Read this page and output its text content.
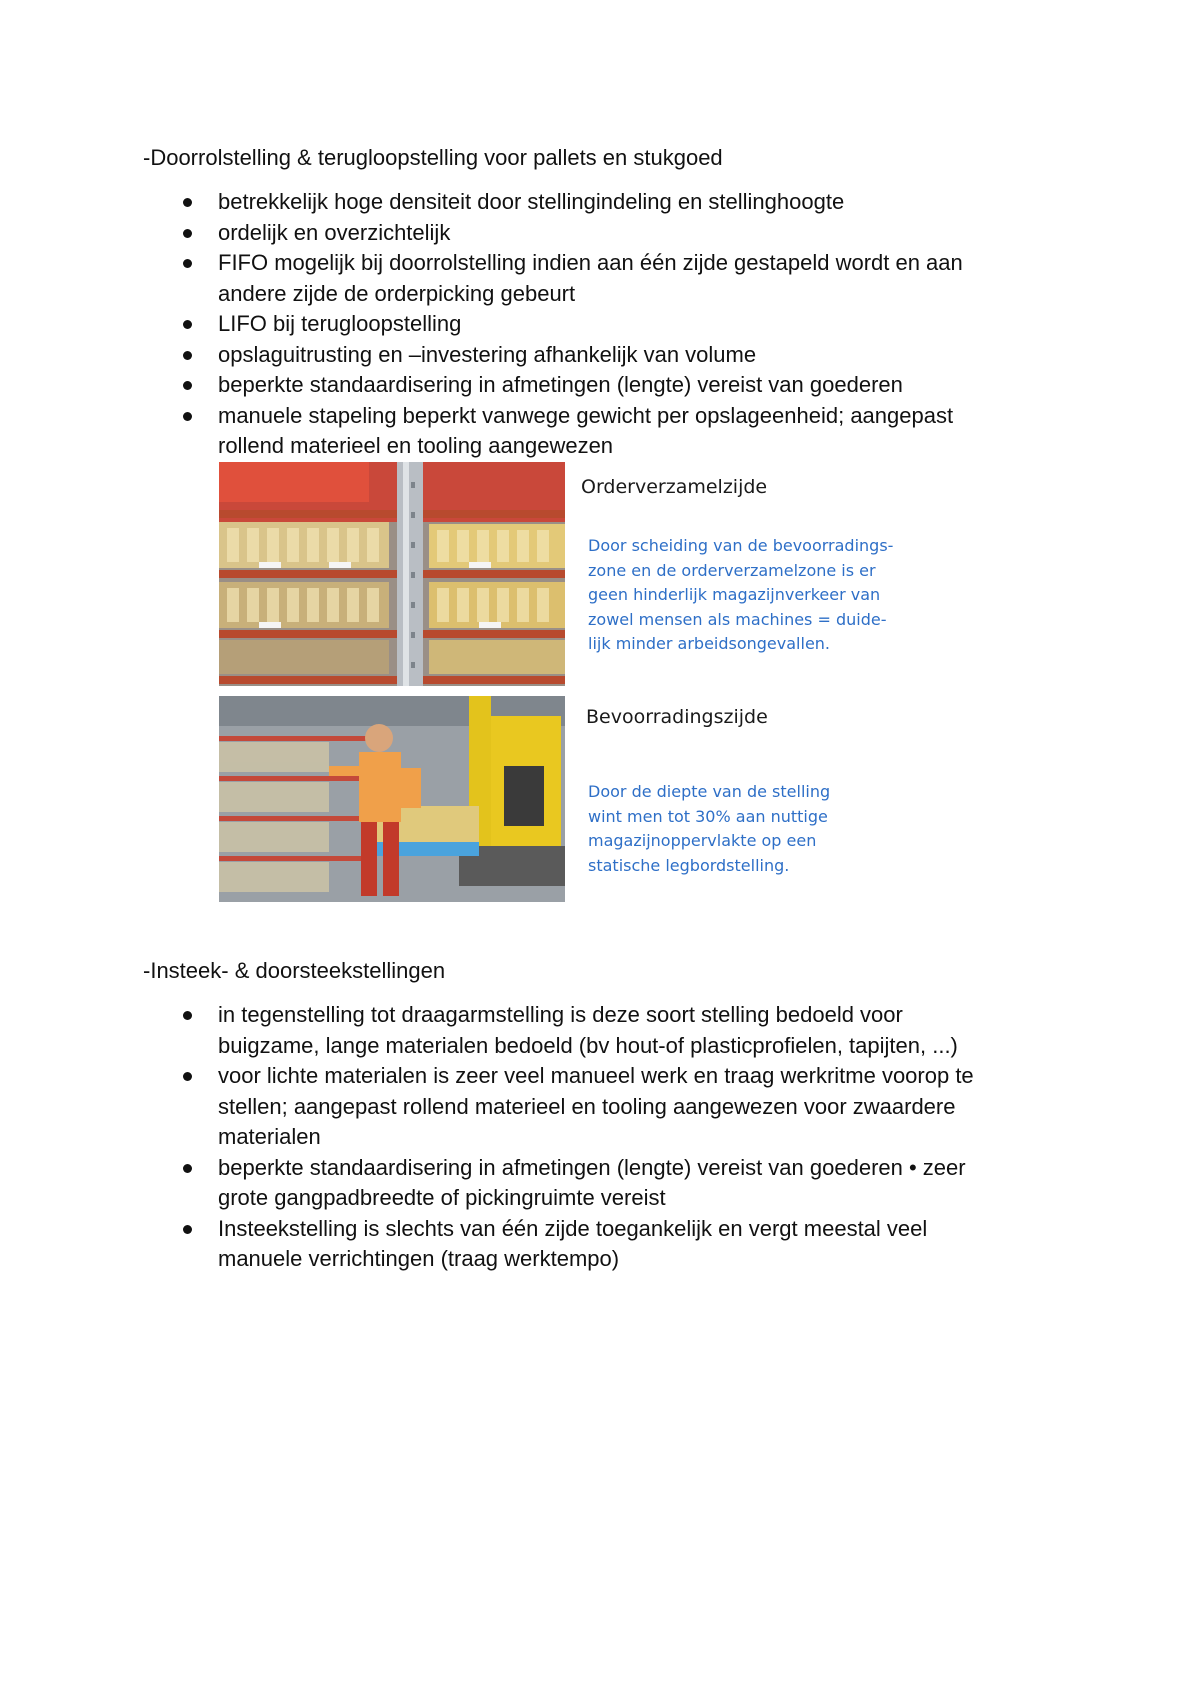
-Doorrolstelling & terugloopstelling voor pallets en stukgoed
betrekkelijk hoge densiteit door stellingindeling en stellinghoogte
ordelijk en overzichtelijk
FIFO mogelijk bij doorrolstelling indien aan één zijde gestapeld wordt en aan
andere zijde de orderpicking gebeurt
LIFO bij terugloopstelling
opslaguitrusting en –investering afhankelijk van volume
beperkte standaardisering in afmetingen (lengte) vereist van goederen
manuele stapeling beperkt vanwege gewicht per opslageenheid; aangepast
rollend materieel en tooling aangewezen
Orderverzamelzijde
Door scheiding van de bevoorradings-
zone en de orderverzamelzone is er
geen hinderlijk magazijnverkeer van
zowel mensen als machines = duide-
lijk minder arbeidsongevallen.
Bevoorradingszijde
Door de diepte van de stelling
wint men tot 30% aan nuttige
magazijnoppervlakte op een
statische legbordstelling.
-Insteek- & doorsteekstellingen
in tegenstelling tot draagarmstelling is deze soort stelling bedoeld voor
buigzame, lange materialen bedoeld (bv hout-of plasticprofielen, tapijten, ...)
voor lichte materialen is zeer veel manueel werk en traag werkritme voorop te
stellen; aangepast rollend materieel en tooling aangewezen voor zwaardere
materialen
beperkte standaardisering in afmetingen (lengte) vereist van goederen • zeer
grote gangpadbreedte of pickingruimte vereist
Insteekstelling is slechts van één zijde toegankelijk en vergt meestal veel
manuele verrichtingen (traag werktempo)
